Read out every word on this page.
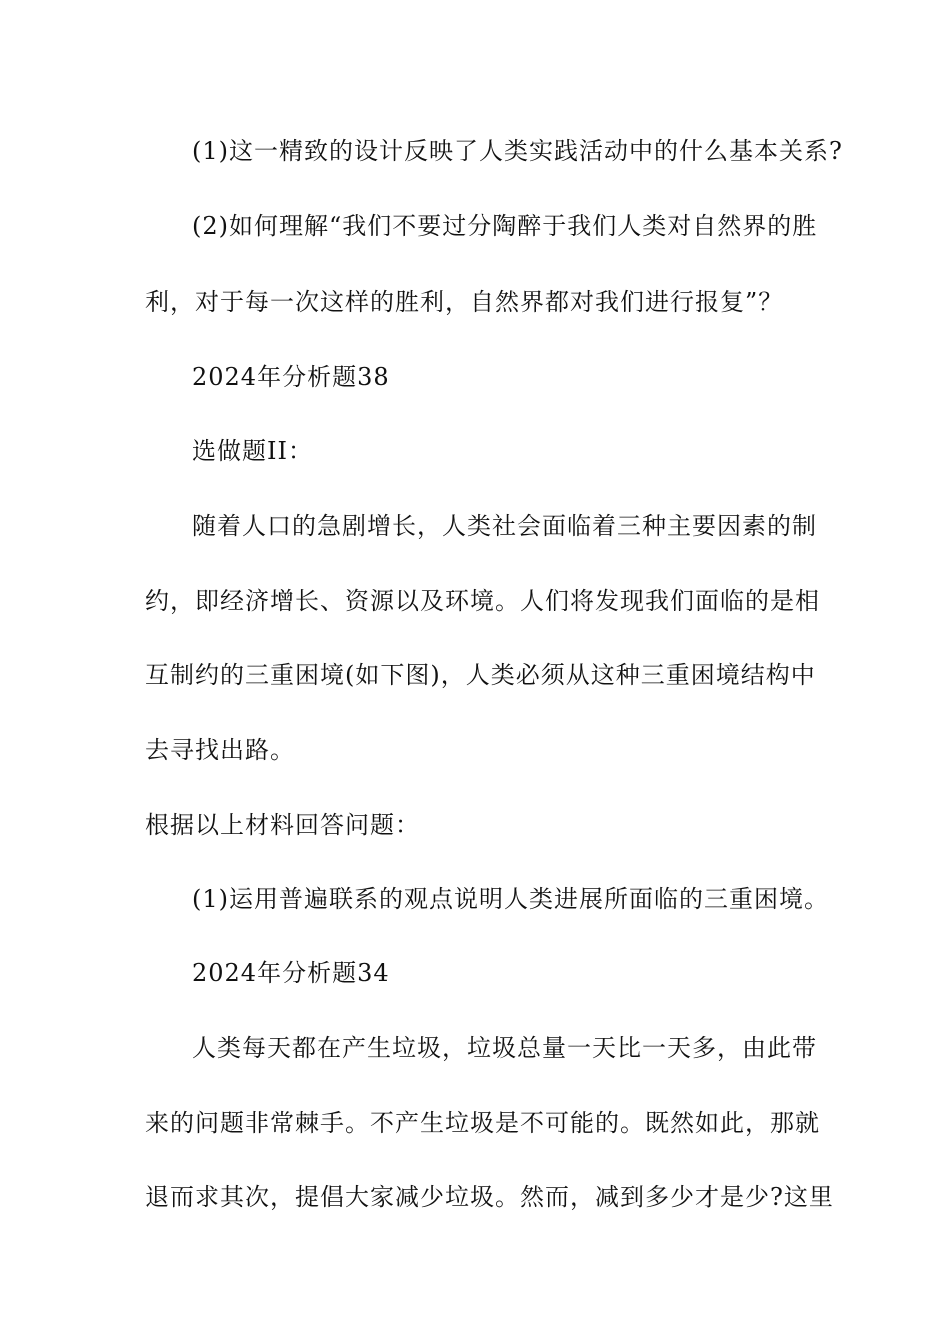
(1)这一精致的设计反映了人类实践活动中的什么基本关系?
(2)如何理解“我们不要过分陶醉于我们人类对自然界的胜
利，对于每一次这样的胜利，自然界都对我们进行报复”？
2024年分析题38
选做题II：
随着人口的急剧增长，人类社会面临着三种主要因素的制
约，即经济增长、资源以及环境。人们将发现我们面临的是相
互制约的三重困境(如下图)，人类必须从这种三重困境结构中
去寻找出路。
根据以上材料回答问题：
(1)运用普遍联系的观点说明人类进展所面临的三重困境。
2024年分析题34
人类每天都在产生垃圾，垃圾总量一天比一天多，由此带
来的问题非常棘手。不产生垃圾是不可能的。既然如此，那就
退而求其次，提倡大家减少垃圾。然而，减到多少才是少?这里
